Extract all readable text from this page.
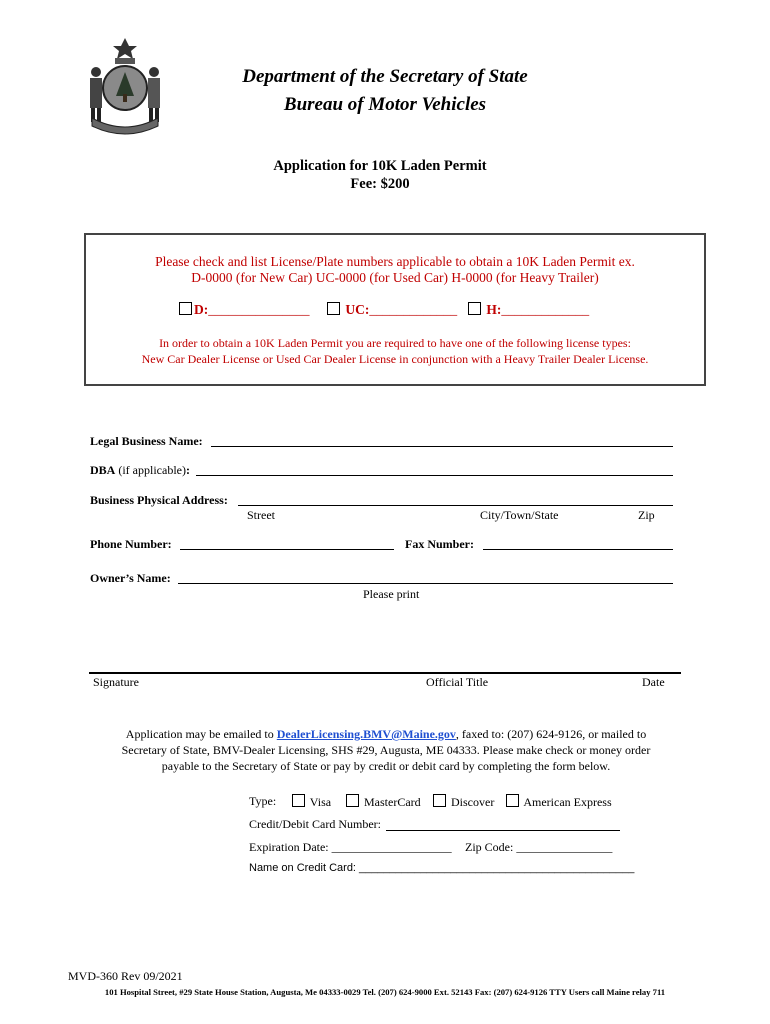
Department of the Secretary of State
Bureau of Motor Vehicles
Application for 10K Laden Permit
Fee: $200
Please check and list License/Plate numbers applicable to obtain a 10K Laden Permit ex.
D-0000 (for New Car) UC-0000 (for Used Car) H-0000 (for Heavy Trailer)
D:_______________	UC:_____________	H:_____________
In order to obtain a 10K Laden Permit you are required to have one of the following license types:
New Car Dealer License or Used Car Dealer License in conjunction with a Heavy Trailer Dealer License.
Legal Business Name:
DBA (if applicable):
Business Physical Address:
Street	City/Town/State	Zip
Phone Number:	Fax Number:
Owner’s Name:
Please print
Signature	Official Title	Date
Application may be emailed to DealerLicensing.BMV@Maine.gov, faxed to: (207) 624-9126, or mailed to
Secretary of State, BMV-Dealer Licensing, SHS #29, Augusta, ME 04333. Please make check or money order
payable to the Secretary of State or pay by credit or debit card by completing the form below.
Type:	Visa	MasterCard	Discover	American Express
Credit/Debit Card Number:
Expiration Date: ____________________ Zip Code: ________________
Name on Credit Card: _____________________________________________
MVD-360 Rev 09/2021
101 Hospital Street, #29 State House Station, Augusta, Me 04333-0029 Tel. (207) 624-9000 Ext. 52143 Fax: (207) 624-9126 TTY Users call Maine relay 711
